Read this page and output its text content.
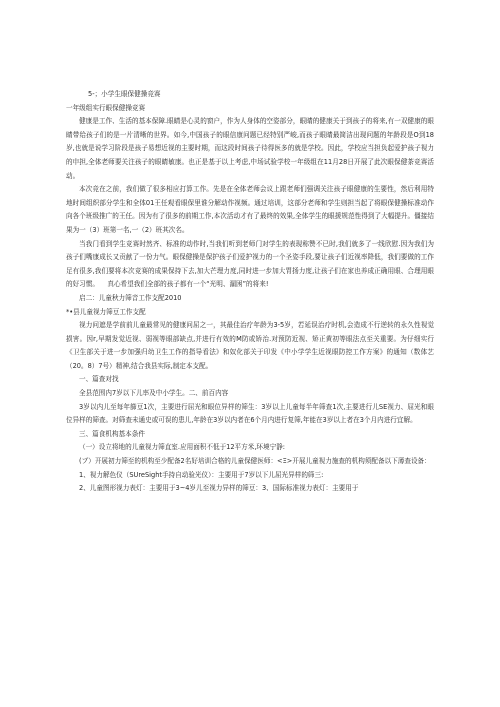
5-；小学生眼保健操竞赛
一年级组实行眼保健操竞赛
健康是工作、生活的基本保障.眼睛是心灵的窗户，作为人身体的空姿部分，眼睛的健康关于到孩子的将来,有一双健康的眼睛带给孩子们的是一片清晰的世界。如今,中国孩子的眼信康问题已经特别严峻,而孩子眼睛最简洁出现问题的年龄段是O到18岁,也就是说学习阶段是孩子易想近视的主要时期，而这段时间孩子待得医多的就是学校。因此，学校应当担负起爱护孩子视力的申担,全体老师要关注孩子的眼睛敏康。也正是基于以上考虑,中场试验学校一年级组在11月28日开展了此次眼保健茶竞赛活动。
本次竞在之前，我们做了很多相应打算工作。先是在全体老师会议上跟老师们强调关注孩子眼健康的生要性，然后利用特地时间组织部分学生和全体01王任观看眼保里谁分解动作视频。通过培训，这部分老师和学生则担当起了将眼保健操标准动作向各个班级推广的王任。因为有了很多的前期工作,本次活动才有了最终的效果,全体学生的眼援规范性得到了大幅提升。僵接结果为一（3）班第一名,一（2）班其次名。
当我门看到学生竞赛时然齐、标准的动作时,当我们听到老师门对学生的表现称赞不已时,我们就多了一线欣慰.因为我们为孩子们嘴康成长又贡献了一份力气。眼保健操是保护孩子们爱护视力的一个圣姿手段,要让孩子们近视率降低，我们要做的工作足有很多,我们要将本次竞赛的成果保持下去,加大芒理力度,同时进一步加大胃扬力度,让孩子们在家也养成正确用眼、合理用眼的好习惯。    真心希望我们全部的孩子都有一个“光明、漏困”的将来!
启二：儿童秋力筛音工作支配2010
*•县儿童视力筛豆工作支配
视力问遮是学前前儿童最常见的健康问屈之一，其最佳治疗年龄为3-5岁，若延误治疗时机,会造成不行逆转的永久性视觉损害。因r,早期发觉近视、弱视等眼部缺点,并进行有效的M防或矫治.对预防近视、矫正黄初等眼法点至关重要。为仔细实行《卫生部关于进一步加强归幼卫生工作的指导看法》和奴化部关于印发《中小学学生近视眼防控工作方案》的通知（数体艺（20。8）7号）精神,结合我县实际,制定本支配。
一、篇查对找
全县范围内7岁以下儿率及中小学生。二、前百内容
3岁以内儿至每年篩豆1次，主要进行屈光和眼位异样的筛生：3岁以上儿童每半年筛查1次,主要进行儿SE视力、屈光和眼位异样的筛查。对筛查未通史或可误的患儿,年龄在3岁以内者在6个月内进行复筛,年能在3岁以上者在3个月内进行宜解。
三、篇食机构基本条件
（一）设立将地的儿童视力筛直室.应用面积不低于12平方米,环境宁静:
(ブ）开展初力筛至的机构至少配备2名好培训合格的儿童保健医师：<Ξ>开展儿童视力施查的机构须配备以下薄查设备：
1、视力解色仪（SUreSight手持自动验光仪）：主要用于7岁以下儿屈光异样的筛三:
2、儿童图形视力表灯：主要用于3~4岁儿至视力异样的筛豆：3、国际标准视力表灯：主要用于
